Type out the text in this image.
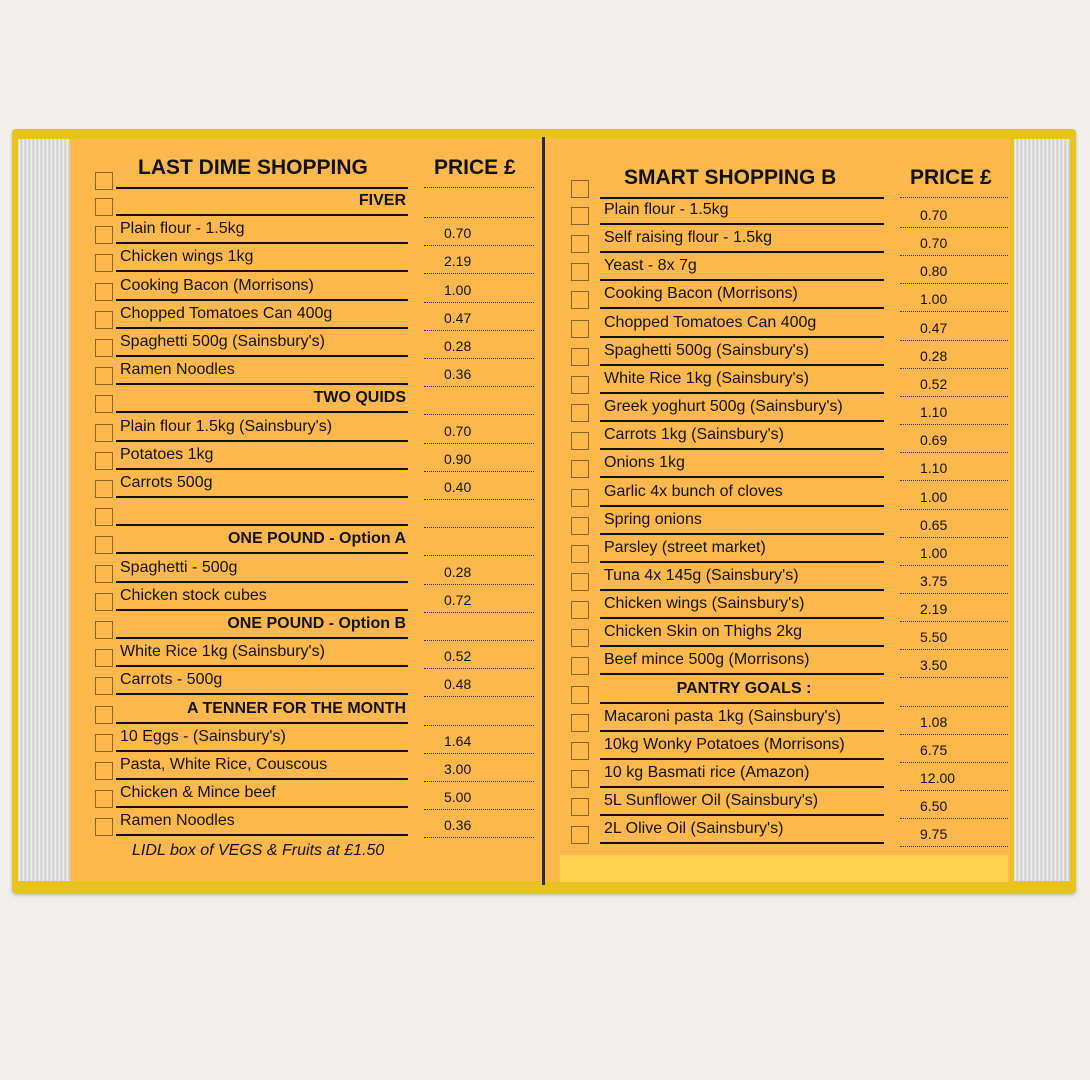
LAST DIME SHOPPING	PRICE £	SMART SHOPPING B	PRICE £
FIVER
Plain flour - 1.5kg	0.70
Chicken wings 1kg	2.19
Cooking Bacon (Morrisons)	1.00
Chopped Tomatoes Can 400g	0.47
Spaghetti 500g (Sainsbury's)	0.28
Ramen Noodles	0.36
TWO QUIDS
Plain flour 1.5kg (Sainsbury's)	0.70
Potatoes 1kg	0.90
Carrots 500g	0.40
ONE POUND - Option A
Spaghetti - 500g	0.28
Chicken stock cubes	0.72
ONE POUND - Option B
White Rice 1kg (Sainsbury's)	0.52
Carrots - 500g	0.48
A TENNER FOR THE MONTH
10 Eggs - (Sainsbury's)	1.64
Pasta, White Rice, Couscous	3.00
Chicken & Mince beef	5.00
Ramen Noodles	0.36
Plain flour - 1.5kg	0.70
Self raising flour - 1.5kg	0.70
Yeast - 8x 7g	0.80
Cooking Bacon (Morrisons)	1.00
Chopped Tomatoes Can 400g	0.47
Spaghetti 500g (Sainsbury's)	0.28
White Rice 1kg (Sainsbury's)	0.52
Greek yoghurt 500g (Sainsbury's)	1.10
Carrots 1kg (Sainsbury's)	0.69
Onions 1kg	1.10
Garlic 4x bunch of cloves	1.00
Spring onions	0.65
Parsley (street market)	1.00
Tuna 4x 145g (Sainsbury's)	3.75
Chicken wings (Sainsbury's)	2.19
Chicken Skin on Thighs 2kg	5.50
Beef mince 500g (Morrisons)	3.50
PANTRY GOALS :
Macaroni pasta 1kg (Sainsbury's)	1.08
10kg Wonky Potatoes (Morrisons)	6.75
10 kg Basmati rice (Amazon)	12.00
5L Sunflower Oil (Sainsbury's)	6.50
2L Olive Oil (Sainsbury's)	9.75
LIDL box of VEGS & Fruits at £1.50
